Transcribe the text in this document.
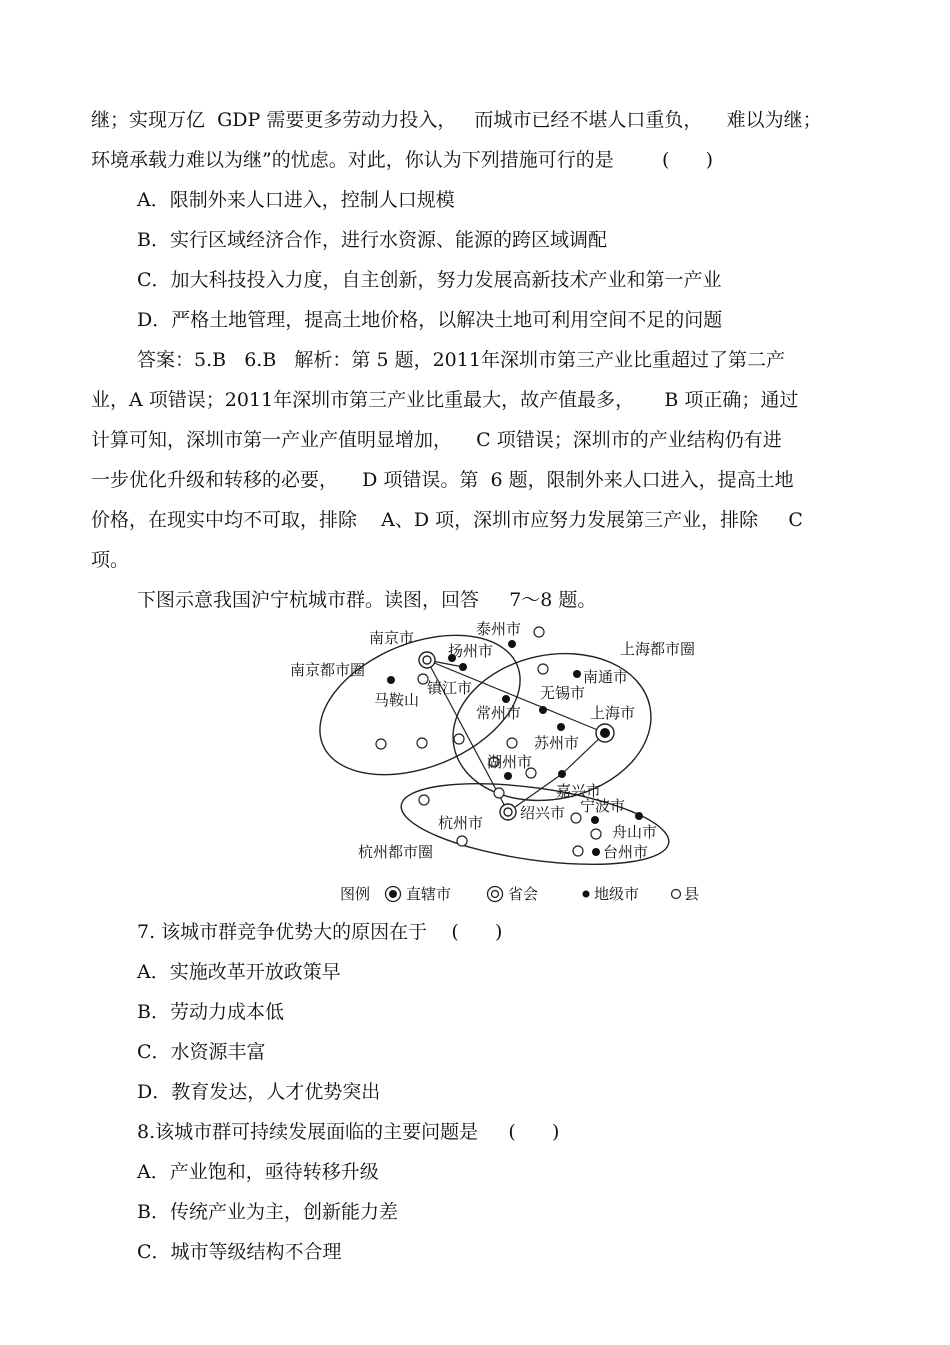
继；实现万亿  GDP 需要更多劳动力投入，   而城市已经不堪人口重负，    难以为继；
环境承载力难以为继”的忧虑。对此，你认为下列措施可行的是        (      )
A．限制外来人口进入，控制人口规模
B．实行区域经济合作，进行水资源、能源的跨区域调配
C．加大科技投入力度，自主创新，努力发展高新技术产业和第一产业
D．严格土地管理，提高土地价格，以解决土地可利用空间不足的问题
答案：5.B   6.B   解析：第 5 题，2011年深圳市第三产业比重超过了第二产
业，A 项错误；2011年深圳市第三产业比重最大，故产值最多，     B 项正确；通过
计算可知，深圳市第一产业产值明显增加，    C 项错误；深圳市的产业结构仍有进
一步优化升级和转移的必要，    D 项错误。第  6 题，限制外来人口进入，提高土地
价格，在现实中均不可取，排除    A、D 项，深圳市应努力发展第三产业，排除     C
项。
下图示意我国沪宁杭城市群。读图，回答     7～8 题。
南京市	泰州市
扬州市	上海都市圈
南京都市圈	南通市
镇江市
马鞍山	无锡市
常州市	上海市
苏州市
湖州市
嘉兴市
宁波市
绍兴市
杭州市	舟山市
台州市
杭州都市圈
图例 直辖市	省会	地级市	县
7. 该城市群竞争优势大的原因在于    (      )
A．实施改革开放政策早
B．劳动力成本低
C．水资源丰富
D．教育发达，人才优势突出
8.该城市群可持续发展面临的主要问题是     (      )
A．产业饱和，亟待转移升级
B．传统产业为主，创新能力差
C．城市等级结构不合理
